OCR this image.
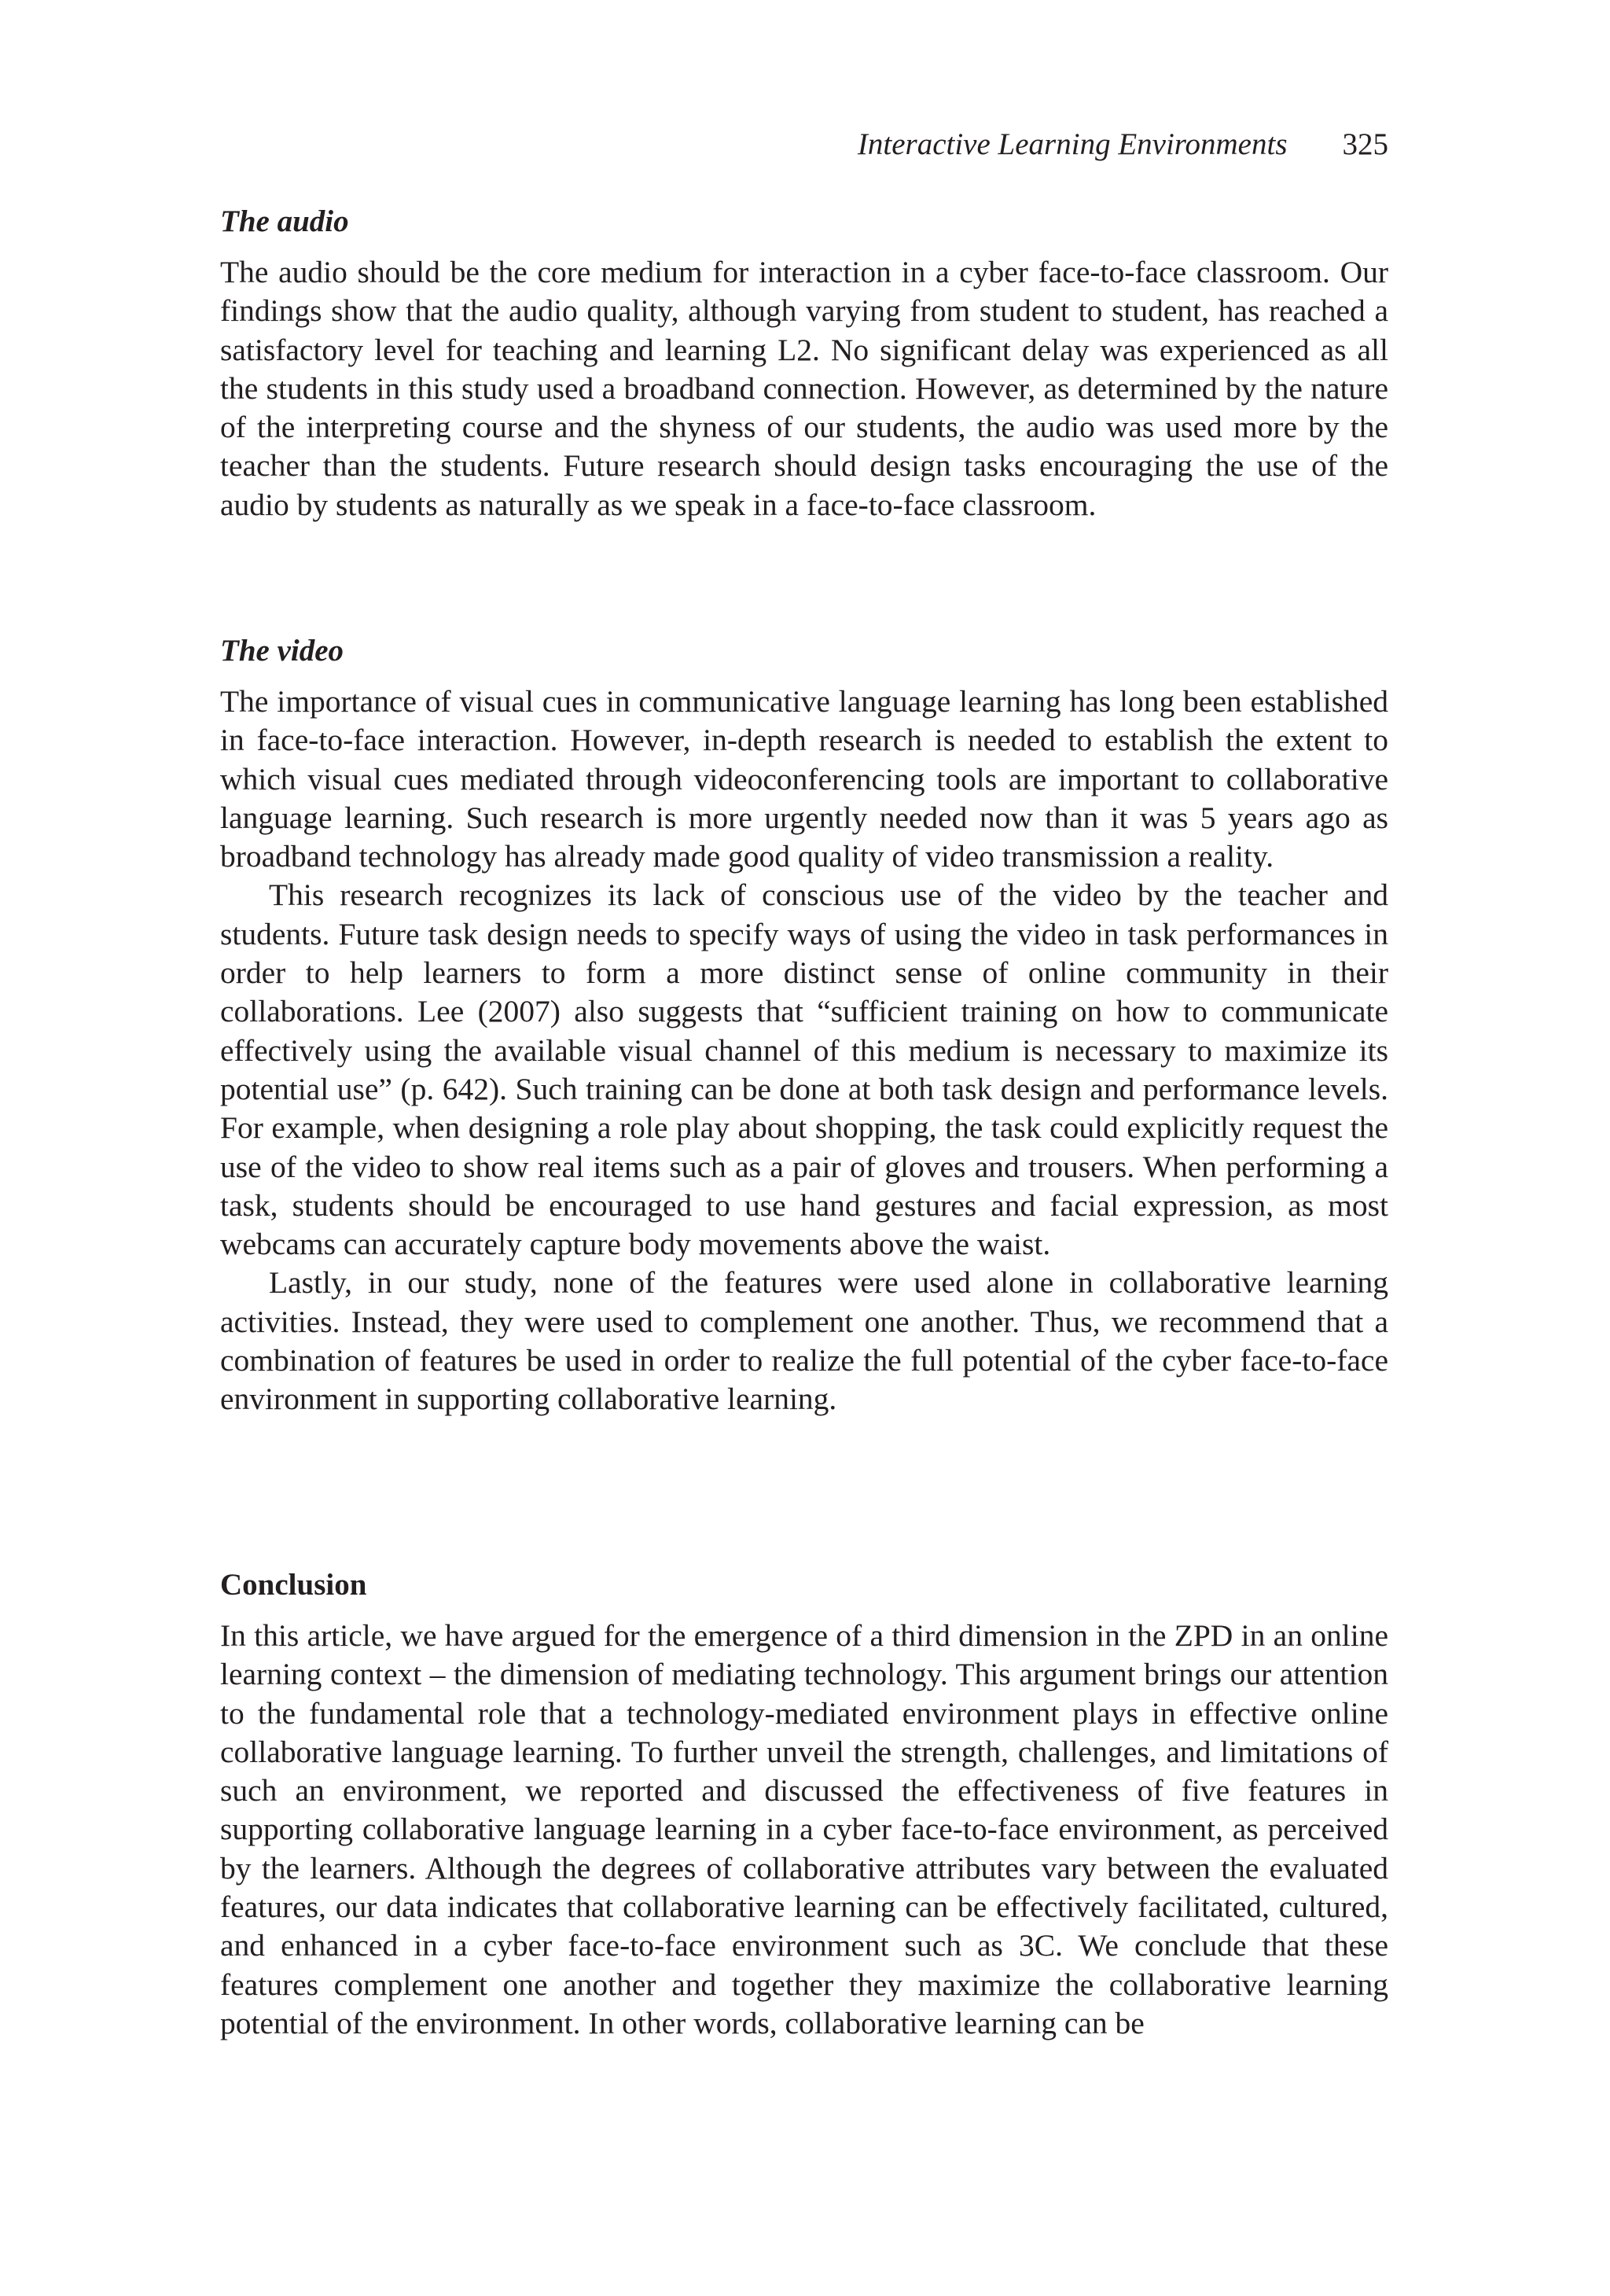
Interactive Learning Environments 325
The audio

The audio should be the core medium for interaction in a cyber face-to-face classroom. Our findings show that the audio quality, although varying from student to student, has reached a satisfactory level for teaching and learning L2. No significant delay was experienced as all the students in this study used a broadband connection. However, as determined by the nature of the interpreting course and the shyness of our students, the audio was used more by the teacher than the students. Future research should design tasks encouraging the use of the audio by students as naturally as we speak in a face-to-face classroom.

The video

The importance of visual cues in communicative language learning has long been established in face-to-face interaction. However, in-depth research is needed to establish the extent to which visual cues mediated through videoconferencing tools are important to collaborative language learning. Such research is more urgently needed now than it was 5 years ago as broadband technology has already made good quality of video transmission a reality.

This research recognizes its lack of conscious use of the video by the teacher and students. Future task design needs to specify ways of using the video in task performances in order to help learners to form a more distinct sense of online community in their collaborations. Lee (2007) also suggests that “sufficient training on how to communicate effectively using the available visual channel of this medium is necessary to maximize its potential use” (p. 642). Such training can be done at both task design and performance levels. For example, when designing a role play about shopping, the task could explicitly request the use of the video to show real items such as a pair of gloves and trousers. When performing a task, students should be encouraged to use hand gestures and facial expression, as most webcams can accurately capture body movements above the waist.

Lastly, in our study, none of the features were used alone in collaborative learning activities. Instead, they were used to complement one another. Thus, we recommend that a combination of features be used in order to realize the full potential of the cyber face-to-face environment in supporting collaborative learning.

Conclusion

In this article, we have argued for the emergence of a third dimension in the ZPD in an online learning context – the dimension of mediating technology. This argument brings our attention to the fundamental role that a technology-mediated environment plays in effective online collaborative language learning. To further unveil the strength, challenges, and limitations of such an environment, we reported and discussed the effectiveness of five features in supporting collaborative language learning in a cyber face-to-face environment, as perceived by the learners. Although the degrees of collaborative attributes vary between the evaluated features, our data indicates that collaborative learning can be effectively facilitated, cultured, and enhanced in a cyber face-to-face environment such as 3C. We conclude that these features complement one another and together they maximize the collaborative learning potential of the environment. In other words, collaborative learning can be
